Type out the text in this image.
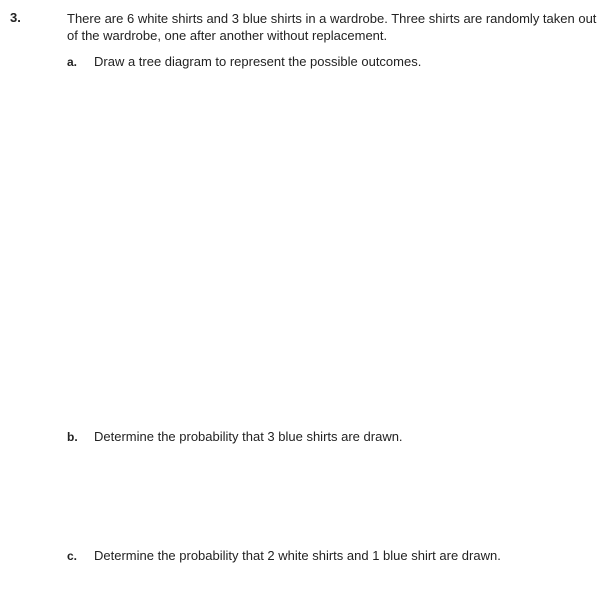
3.	There are 6 white shirts and 3 blue shirts in a wardrobe. Three shirts are randomly taken out of the wardrobe, one after another without replacement.
a. Draw a tree diagram to represent the possible outcomes.
b. Determine the probability that 3 blue shirts are drawn.
c. Determine the probability that 2 white shirts and 1 blue shirt are drawn.
